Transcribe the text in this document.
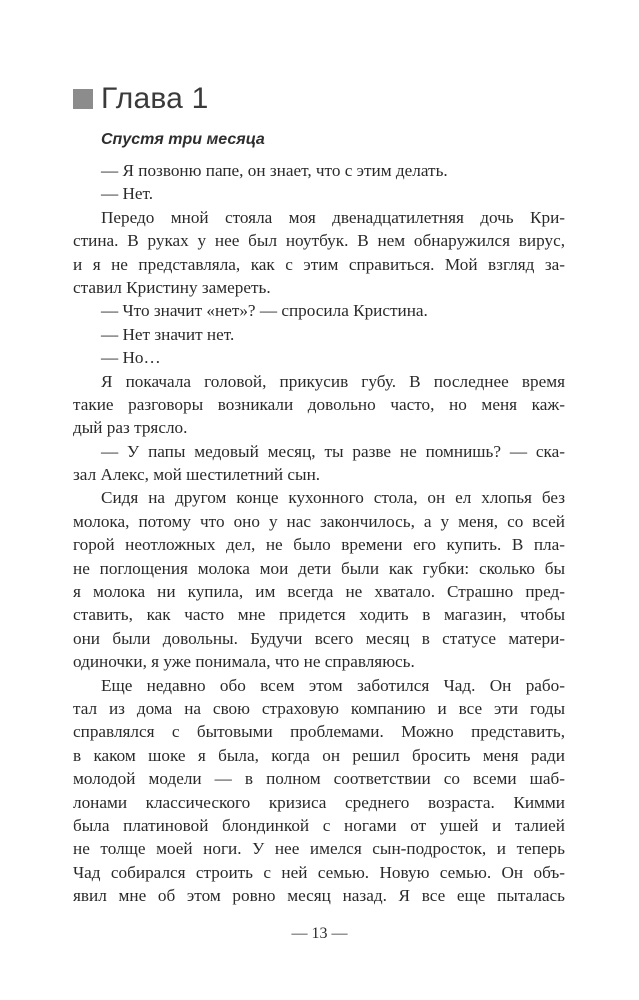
Глава 1
Спустя три месяца
— Я позвоню папе, он знает, что с этим делать.
— Нет.
Передо мной стояла моя двенадцатилетняя дочь Кри-
стина. В руках у нее был ноутбук. В нем обнаружился вирус,
и я не представляла, как с этим справиться. Мой взгляд за-
ставил Кристину замереть.
— Что значит «нет»? — спросила Кристина.
— Нет значит нет.
— Но…
Я покачала головой, прикусив губу. В последнее время
такие разговоры возникали довольно часто, но меня каж-
дый раз трясло.
— У папы медовый месяц, ты разве не помнишь? — ска-
зал Алекс, мой шестилетний сын.
Сидя на другом конце кухонного стола, он ел хлопья без
молока, потому что оно у нас закончилось, а у меня, со всей
горой неотложных дел, не было времени его купить. В пла-
не поглощения молока мои дети были как губки: сколько бы
я молока ни купила, им всегда не хватало. Страшно пред-
ставить, как часто мне придется ходить в магазин, чтобы
они были довольны. Будучи всего месяц в статусе матери-
одиночки, я уже понимала, что не справляюсь.
Еще недавно обо всем этом заботился Чад. Он рабо-
тал из дома на свою страховую компанию и все эти годы
справлялся с бытовыми проблемами. Можно представить,
в каком шоке я была, когда он решил бросить меня ради
молодой модели — в полном соответствии со всеми шаб-
лонами классического кризиса среднего возраста. Кимми
была платиновой блондинкой с ногами от ушей и талией
не толще моей ноги. У нее имелся сын-подросток, и теперь
Чад собирался строить с ней семью. Новую семью. Он объ-
явил мне об этом ровно месяц назад. Я все еще пыталась
— 13 —
